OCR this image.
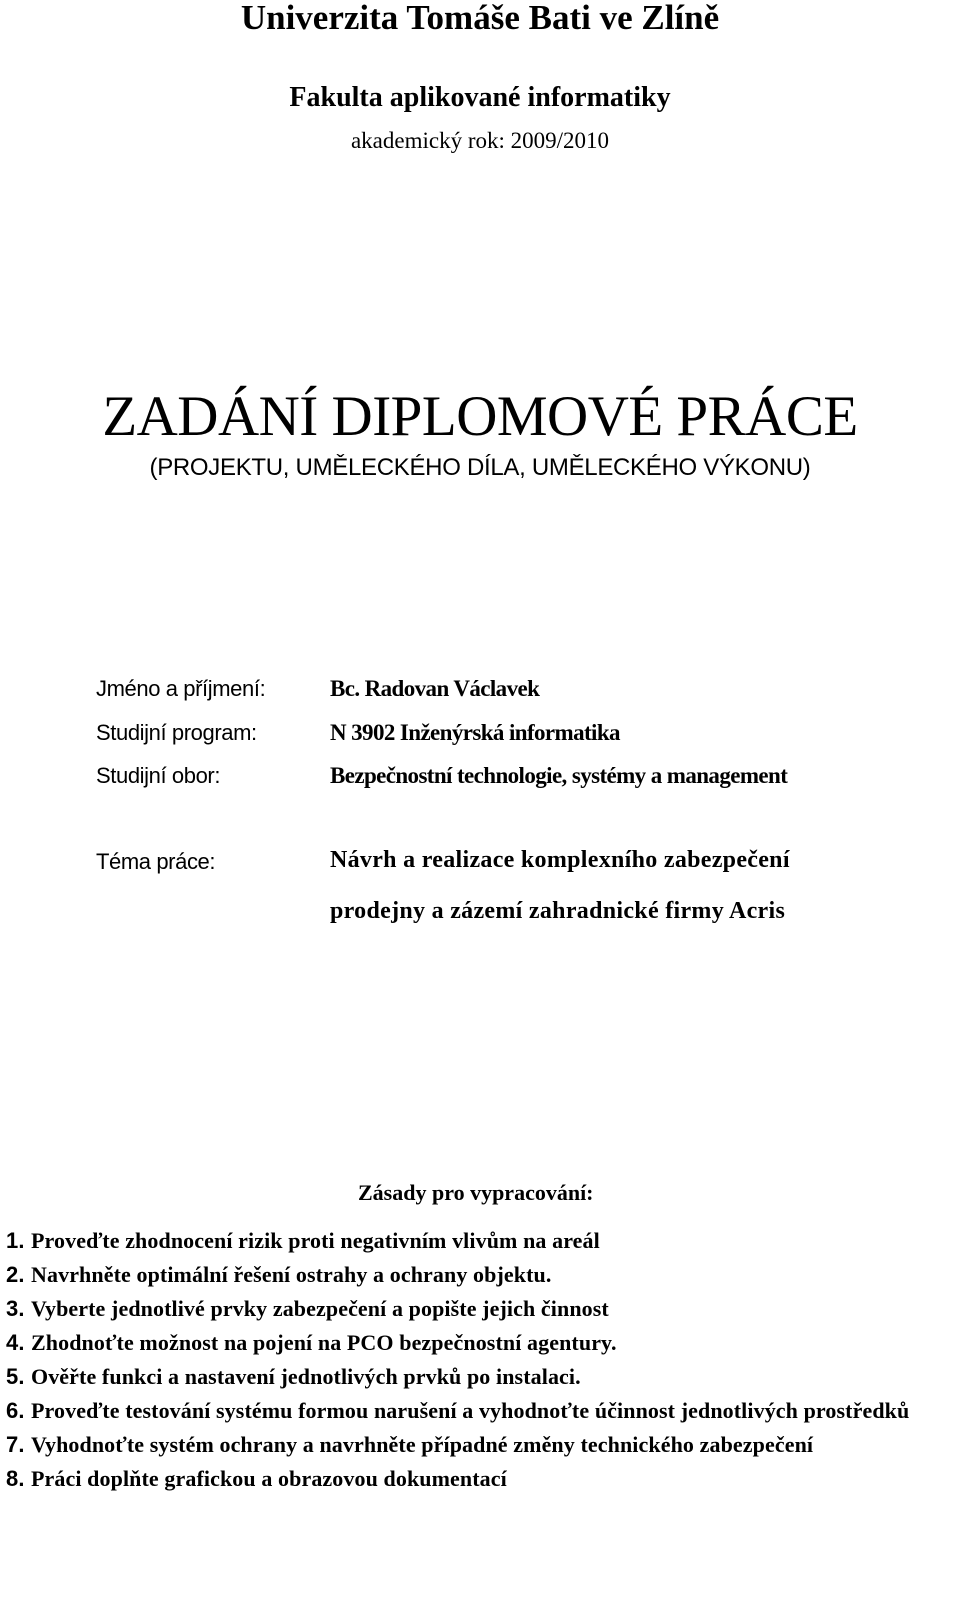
Univerzita Tomáše Bati ve Zlíně
Fakulta aplikované informatiky
akademický rok: 2009/2010
ZADÁNÍ DIPLOMOVÉ PRÁCE
(PROJEKTU, UMĚLECKÉHO DÍLA, UMĚLECKÉHO VÝKONU)
Jméno a příjmení:	Bc. Radovan Václavek
Studijní program:	N 3902 Inženýrská informatika
Studijní obor:	Bezpečnostní technologie, systémy a management
Téma práce:	Návrh a realizace komplexního zabezpečení
prodejny a zázemí zahradnické firmy Acris
Zásady pro vypracování:
1. Proveďte zhodnocení rizik proti negativním vlivům na areál
2. Navrhněte optimální řešení ostrahy a ochrany objektu.
3. Vyberte jednotlivé prvky zabezpečení a popište jejich činnost
4. Zhodnoťte možnost na pojení na PCO bezpečnostní agentury.
5. Ověřte funkci a nastavení jednotlivých prvků po instalaci.
6. Proveďte testování systému formou narušení a vyhodnoťte účinnost jednotlivých prostředků
7. Vyhodnoťte systém ochrany a navrhněte případné změny technického zabezpečení
8. Práci doplňte grafickou a obrazovou dokumentací
